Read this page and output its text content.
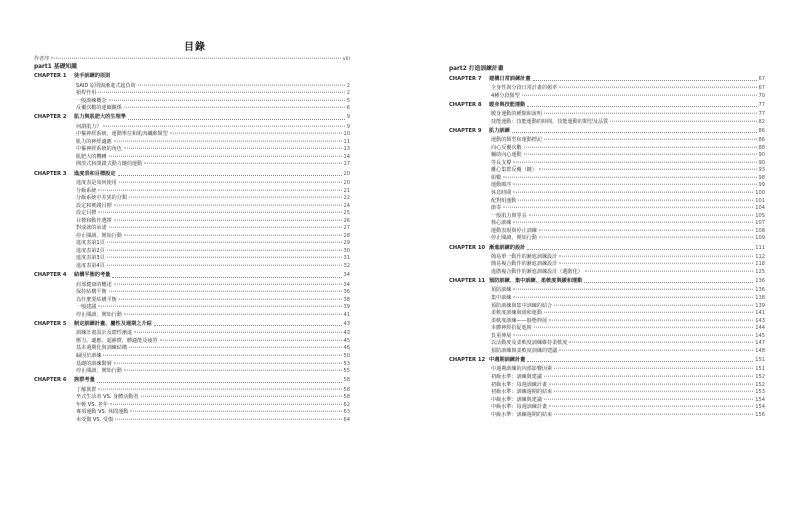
目錄
作者序	viii
part1 基礎知識
CHAPTER 1	徒手訓練的原則
SAID 原則與漸進式超負荷	2
槓桿作用	2
一般訓練概念	5
反覆次數的連續關係	6
CHAPTER 2	肌力與肌肥大的生理學	9
何謂肌力？	9
中樞神經系統、運動單位和肌肉纖維類型	10
肌力的神經適應	11
中樞神經系統的角色	13
肌肥大的機轉	14
開放式和閉鎖式動力鏈的運動	17
CHAPTER 3	進度表和目標設定	20
進度表是如何使用	20
分級系統	21
分級系統中差異的分類	22
設定和實踐目標	24
設定目標	25
目標和動作選擇	26
對成就的承諾	27
停止閱讀，開始行動	28
進度表第1頁	29
進度表第2頁	30
進度表第3頁	31
進度表第4頁	32
CHAPTER 4	結構平衡的考量	34
肩部健康的概述	34
保持結構平衡	36
為什麼要結構平衡	38
一般建議	39
停止閱讀，開始行動	41
CHAPTER 5	制定訓練計畫、屬性及週期之介紹	43
訓練計畫設計及總性漸進	43
壓力、適應、超補償，體適能及疲勞	45
基本週期化與訓練結構	46
歸因於訓練	50
基礎的訓練階層	53
停止閱讀，開始行動	55
CHAPTER 6	族群考量	58
了解族群	58
坐式生活者 VS. 身體活動者	58
年輕 VS. 老年	62
專項運動 VS. 休閒運動	63
未受傷 VS. 受傷	64
part2 打造訓練計畫
CHAPTER 7	建構日常訓練計畫	67
全身性與分段日常計畫的頻率	67
4種分段類型	70
CHAPTER 8	暖身與技能運動	77
暖身運動的種類和說明	77
技能運動：技能運動的時間、技能運動的類型及品質	82
CHAPTER 9	肌力訓練	86
運動的類型和運動標記	86
向心反覆次數	88
輔助向心運動	90
等長支撐	90
離心集群反覆（鏈）	93
組數	98
運動順序	99
休息時間	100
配對組運動	101
節奏	104
一般肌力與等長	105
核心訓練	107
運動表現與停止訓練	108
停止閱讀，開始行動	109
CHAPTER 10 漸進訓練的設計	111
簡易單一動作的漸進訓練設計	112
簡易複合動作的漸進訓練設計	118
進階複合動作的漸進訓練設計（遞階化）	125
CHAPTER 11 預防訓練、集中訓練、柔軟度與緩和運動	136
預防訓練	136
集中訓練	138
預防訓練與集中訓練的結合	139
柔軟度訓練與緩和運動	141
柔軟度訓練——靜態伸展	143
本體神經抗促進術	144
負重伸展	145
以活動度及柔軟度訓練維持柔軟度	147
預防訓練與柔軟度訓練的建議	148
CHAPTER 12 中週期訓練計畫	151
中週期訓練的內部影響因素	151
初級水準：訓練與建議	152
初級水準：每週訓練計畫	152
初級水準：訓練週期的結束	153
中級水準：訓練與建議	154
中級水準：每週訓練計畫	154
中級水準：訓練週期的結束	156
